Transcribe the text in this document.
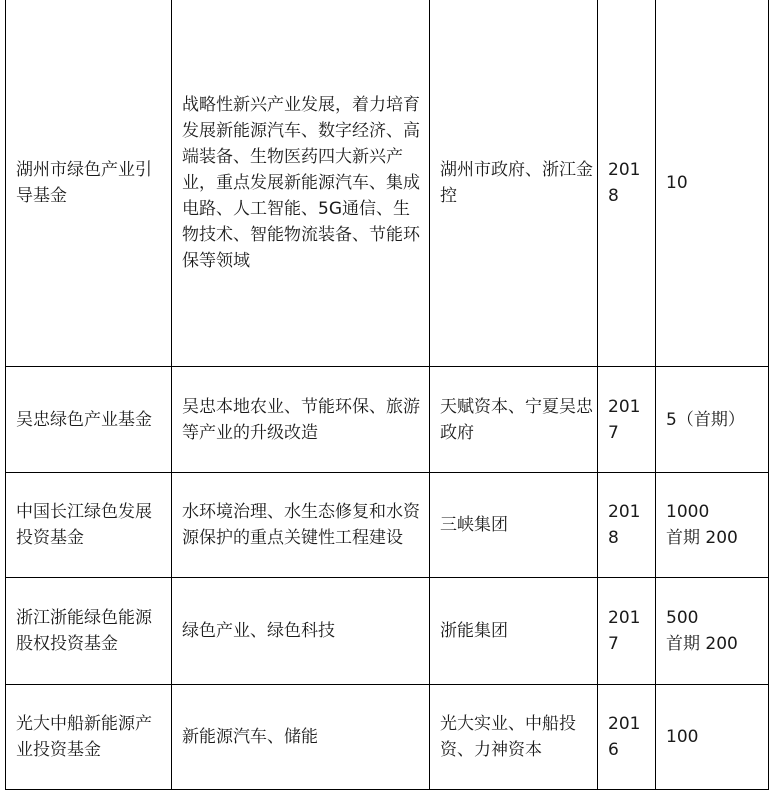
湖州市绿色产业引导基金	战略性新兴产业发展，着力培育发展新能源汽车、数字经济、高端装备、生物医药四大新兴产业，重点发展新能源汽车、集成电路、人工智能、5G通信、生物技术、智能物流装备、节能环保等领域	湖州市政府、浙江金控	2018	10

吴忠绿色产业基金	吴忠本地农业、节能环保、旅游等产业的升级改造	天赋资本、宁夏吴忠政府	2017	5（首期）

中国长江绿色发展投资基金	水环境治理、水生态修复和水资源保护的重点关键性工程建设	三峡集团	2018	1000
首期 200

浙江浙能绿色能源股权投资基金	绿色产业、绿色科技	浙能集团	2017	500
首期 200

光大中船新能源产业投资基金	新能源汽车、储能	光大实业、中船投资、力神资本	2016	100
